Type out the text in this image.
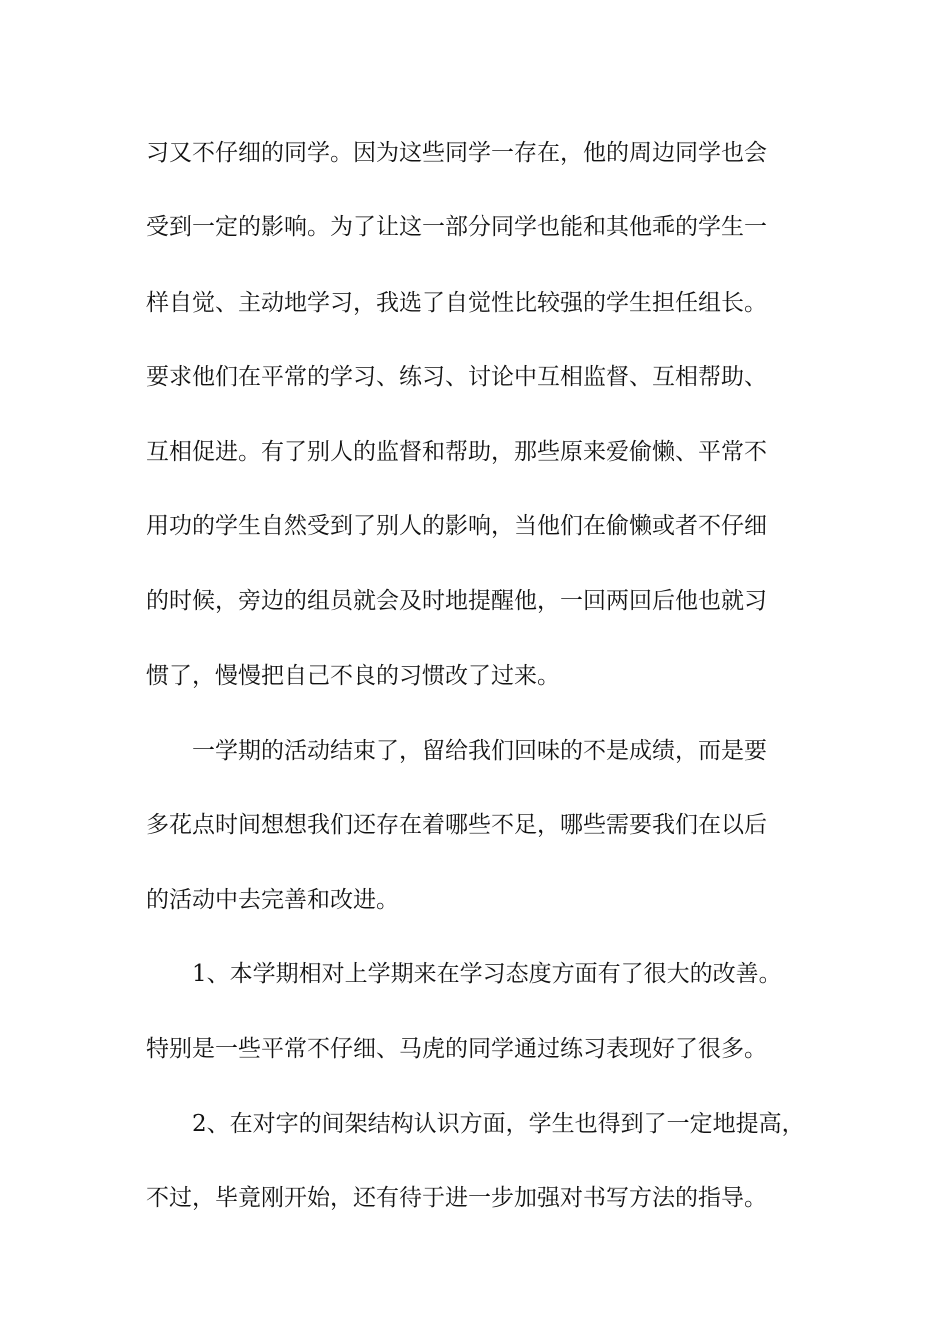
习又不仔细的同学。因为这些同学一存在，他的周边同学也会
受到一定的影响。为了让这一部分同学也能和其他乖的学生一
样自觉、主动地学习，我选了自觉性比较强的学生担任组长。
要求他们在平常的学习、练习、讨论中互相监督、互相帮助、
互相促进。有了别人的监督和帮助，那些原来爱偷懒、平常不
用功的学生自然受到了别人的影响，当他们在偷懒或者不仔细
的时候，旁边的组员就会及时地提醒他，一回两回后他也就习
惯了，慢慢把自己不良的习惯改了过来。
一学期的活动结束了，留给我们回味的不是成绩，而是要
多花点时间想想我们还存在着哪些不足，哪些需要我们在以后
的活动中去完善和改进。
1、本学期相对上学期来在学习态度方面有了很大的改善。
特别是一些平常不仔细、马虎的同学通过练习表现好了很多。
2、在对字的间架结构认识方面，学生也得到了一定地提高，
不过，毕竟刚开始，还有待于进一步加强对书写方法的指导。
